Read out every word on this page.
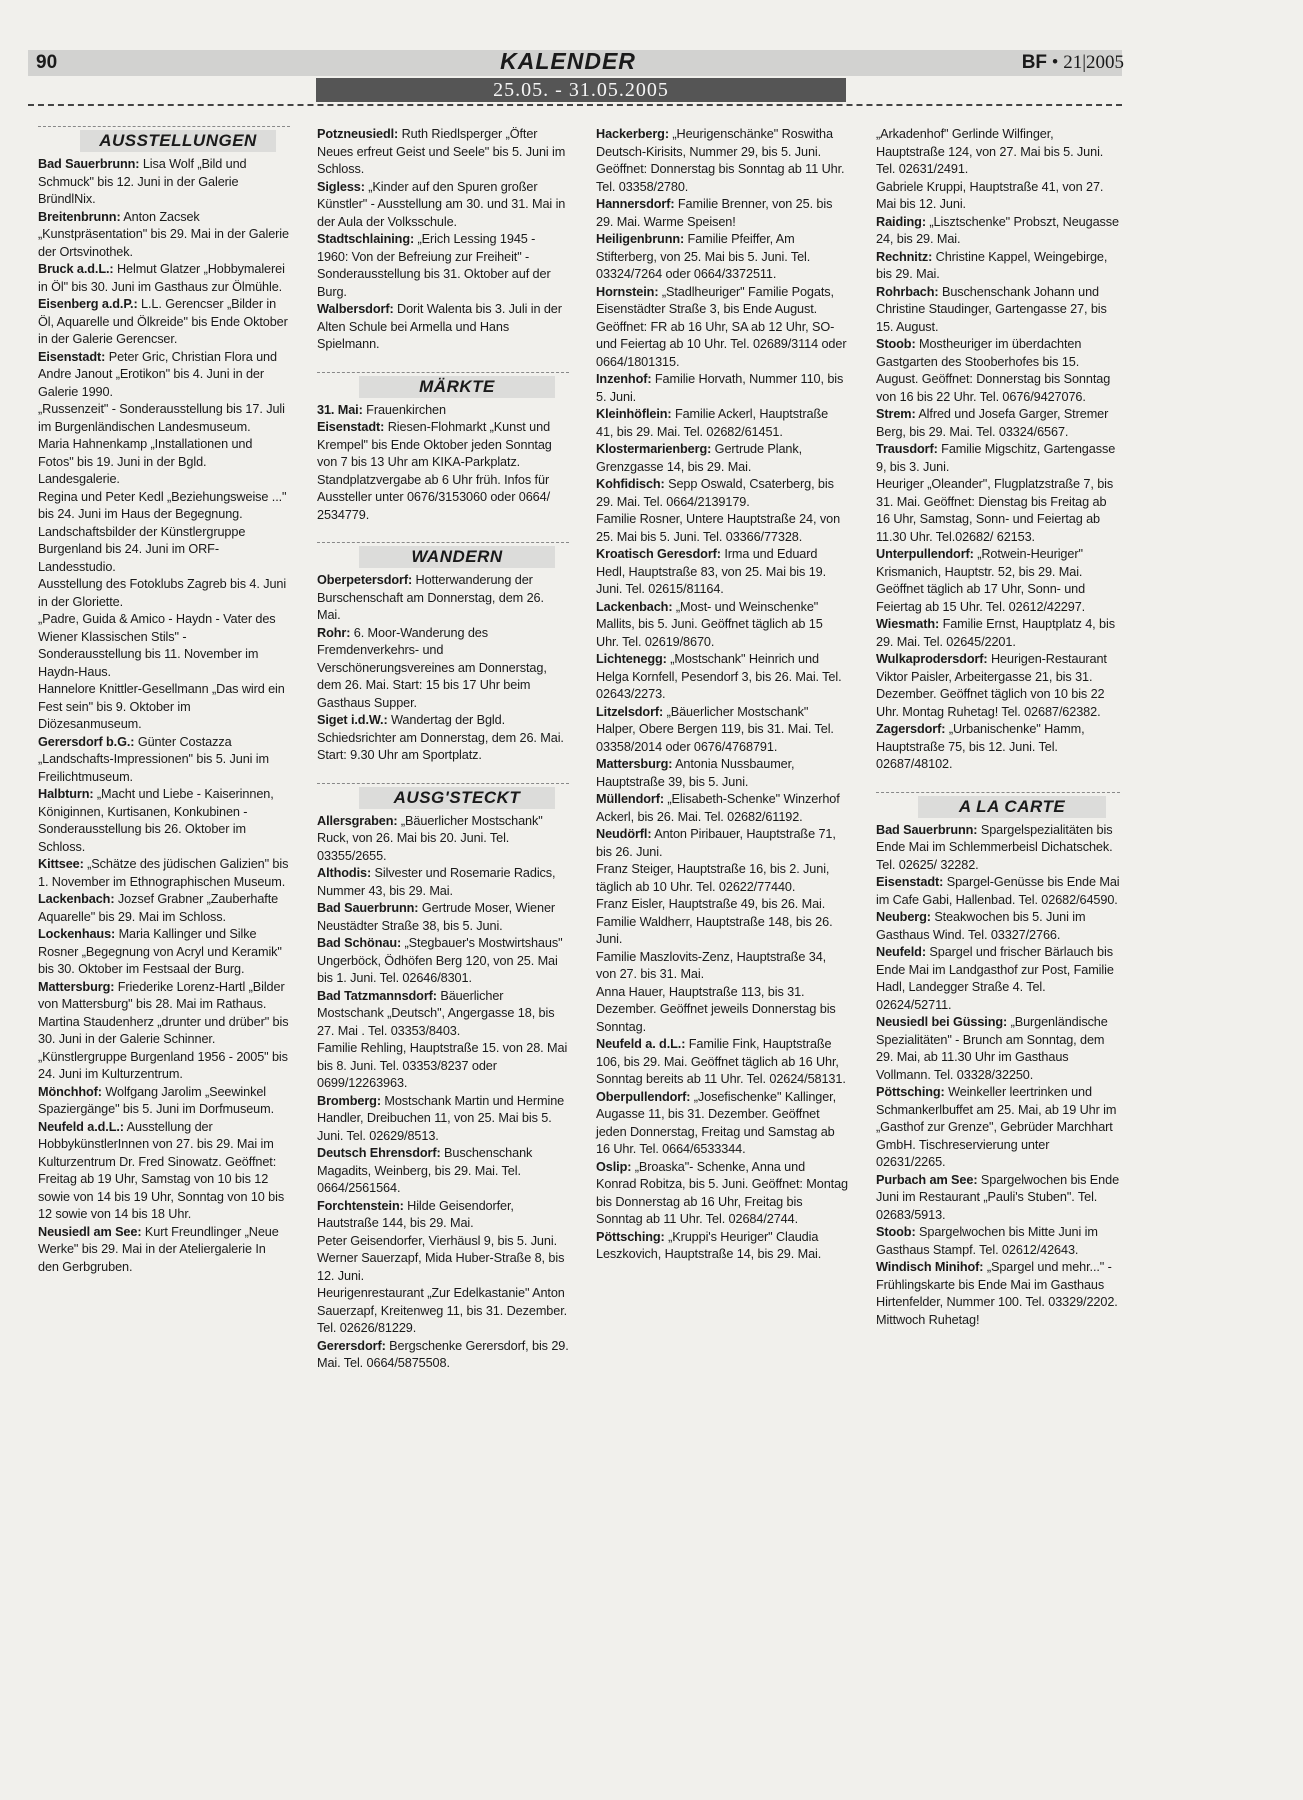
90	KALENDER	BF • 21|2005
25.05. - 31.05.2005
AUSSTELLUNGEN

Bad Sauerbrunn: Lisa Wolf „Bild und Schmuck" bis 12. Juni in der Galerie BründlNix.

Breitenbrunn: Anton Zacsek „Kunstpräsentation" bis 29. Mai in der Galerie der Ortsvinothek.

Bruck a.d.L.: Helmut Glatzer „Hobbymalerei in Öl" bis 30. Juni im Gasthaus zur Ölmühle.

Eisenberg a.d.P.: L.L. Gerencser „Bilder in Öl, Aquarelle und Ölkreide" bis Ende Oktober in der Galerie Gerencser.

Eisenstadt: Peter Gric, Christian Flora und Andre Janout „Erotikon" bis 4. Juni in der Galerie 1990.

„Russenzeit" - Sonderausstellung bis 17. Juli im Burgenländischen Landesmuseum.

Maria Hahnenkamp „Installationen und Fotos" bis 19. Juni in der Bgld. Landesgalerie.

Regina und Peter Kedl „Beziehungsweise ..." bis 24. Juni im Haus der Begegnung.

Landschaftsbilder der Künstlergruppe Burgenland bis 24. Juni im ORF-Landesstudio.

Ausstellung des Fotoklubs Zagreb bis 4. Juni in der Gloriette.

„Padre, Guida & Amico - Haydn - Vater des Wiener Klassischen Stils" - Sonderausstellung bis 11. November im Haydn-Haus.

Hannelore Knittler-Gesellmann „Das wird ein Fest sein" bis 9. Oktober im Diözesanmuseum.

Gerersdorf b.G.: Günter Costazza „Landschafts-Impressionen" bis 5. Juni im Freilichtmuseum.

Halbturn: „Macht und Liebe - Kaiserinnen, Königinnen, Kurtisanen, Konkubinen - Sonderausstellung bis 26. Oktober im Schloss.

Kittsee: „Schätze des jüdischen Galizien" bis 1. November im Ethnographischen Museum.

Lackenbach: Jozsef Grabner „Zauberhafte Aquarelle" bis 29. Mai im Schloss.

Lockenhaus: Maria Kallinger und Silke Rosner „Begegnung von Acryl und Keramik" bis 30. Oktober im Festsaal der Burg.

Mattersburg: Friederike Lorenz-Hartl „Bilder von Mattersburg" bis 28. Mai im Rathaus.

Martina Staudenherz „drunter und drüber" bis 30. Juni in der Galerie Schinner.

„Künstlergruppe Burgenland 1956 - 2005" bis 24. Juni im Kulturzentrum.

Mönchhof: Wolfgang Jarolim „Seewinkel Spaziergänge" bis 5. Juni im Dorfmuseum.

Neufeld a.d.L.: Ausstellung der HobbykünstlerInnen von 27. bis 29. Mai im Kulturzentrum Dr. Fred Sinowatz. Geöffnet: Freitag ab 19 Uhr, Samstag von 10 bis 12 sowie von 14 bis 19 Uhr, Sonntag von 10 bis 12 sowie von 14 bis 18 Uhr.

Neusiedl am See: Kurt Freundlinger „Neue Werke" bis 29. Mai in der Ateliergalerie In den Gerbgruben.

Potzneusiedl: Ruth Riedlsperger „Öfter Neues erfreut Geist und Seele" bis 5. Juni im Schloss.

Sigless: „Kinder auf den Spuren großer Künstler" - Ausstellung am 30. und 31. Mai in der Aula der Volksschule.

Stadtschlaining: „Erich Lessing 1945 - 1960: Von der Befreiung zur Freiheit" - Sonderausstellung bis 31. Oktober auf der Burg.

Walbersdorf: Dorit Walenta bis 3. Juli in der Alten Schule bei Armella und Hans Spielmann.

MÄRKTE

31. Mai: Frauenkirchen

Eisenstadt: Riesen-Flohmarkt „Kunst und Krempel" bis Ende Oktober jeden Sonntag von 7 bis 13 Uhr am KIKA-Parkplatz. Standplatzvergabe ab 6 Uhr früh. Infos für Aussteller unter 0676/3153060 oder 0664/ 2534779.

WANDERN

Oberpetersdorf: Hotterwanderung der Burschenschaft am Donnerstag, dem 26. Mai.

Rohr: 6. Moor-Wanderung des Fremdenverkehrs- und Verschönerungsvereines am Donnerstag, dem 26. Mai. Start: 15 bis 17 Uhr beim Gasthaus Supper.

Siget i.d.W.: Wandertag der Bgld. Schiedsrichter am Donnerstag, dem 26. Mai. Start: 9.30 Uhr am Sportplatz.

AUSG'STECKT

Allersgraben: „Bäuerlicher Mostschank" Ruck, von 26. Mai bis 20. Juni. Tel. 03355/2655.

Althodis: Silvester und Rosemarie Radics, Nummer 43, bis 29. Mai.

Bad Sauerbrunn: Gertrude Moser, Wiener Neustädter Straße 38, bis 5. Juni.

Bad Schönau: „Stegbauer's Mostwirtshaus" Ungerböck, Ödhöfen Berg 120, von 25. Mai bis 1. Juni. Tel. 02646/8301.

Bad Tatzmannsdorf: Bäuerlicher Mostschank „Deutsch", Angergasse 18, bis 27. Mai . Tel. 03353/8403.

Familie Rehling, Hauptstraße 15. von 28. Mai bis 8. Juni. Tel. 03353/8237 oder 0699/12263963.

Bromberg: Mostschank Martin und Hermine Handler, Dreibuchen 11, von 25. Mai bis 5. Juni. Tel. 02629/8513.

Deutsch Ehrensdorf: Buschenschank Magadits, Weinberg, bis 29. Mai. Tel. 0664/2561564.

Forchtenstein: Hilde Geisendorfer, Hautstraße 144, bis 29. Mai.

Peter Geisendorfer, Vierhäusl 9, bis 5. Juni.

Werner Sauerzapf, Mida Huber-Straße 8, bis 12. Juni.

Heurigenrestaurant „Zur Edelkastanie" Anton Sauerzapf, Kreitenweg 11, bis 31. Dezember. Tel. 02626/81229.

Gerersdorf: Bergschenke Gerersdorf, bis 29. Mai. Tel. 0664/5875508.

Hackerberg: „Heurigenschänke" Roswitha Deutsch-Kirisits, Nummer 29, bis 5. Juni. Geöffnet: Donnerstag bis Sonntag ab 11 Uhr. Tel. 03358/2780.

Hannersdorf: Familie Brenner, von 25. bis 29. Mai. Warme Speisen!

Heiligenbrunn: Familie Pfeiffer, Am Stifterberg, von 25. Mai bis 5. Juni. Tel. 03324/7264 oder 0664/3372511.

Hornstein: „Stadlheuriger" Familie Pogats, Eisenstädter Straße 3, bis Ende August. Geöffnet: FR ab 16 Uhr, SA ab 12 Uhr, SO- und Feiertag ab 10 Uhr. Tel. 02689/3114 oder 0664/1801315.

Inzenhof: Familie Horvath, Nummer 110, bis 5. Juni.

Kleinhöflein: Familie Ackerl, Hauptstraße 41, bis 29. Mai. Tel. 02682/61451.

Klostermarienberg: Gertrude Plank, Grenzgasse 14, bis 29. Mai.

Kohfidisch: Sepp Oswald, Csaterberg, bis 29. Mai. Tel. 0664/2139179.

Familie Rosner, Untere Hauptstraße 24, von 25. Mai bis 5. Juni. Tel. 03366/77328.

Kroatisch Geresdorf: Irma und Eduard Hedl, Hauptstraße 83, von 25. Mai bis 19. Juni. Tel. 02615/81164.

Lackenbach: „Most- und Weinschenke" Mallits, bis 5. Juni. Geöffnet täglich ab 15 Uhr. Tel. 02619/8670.

Lichtenegg: „Mostschank" Heinrich und Helga Kornfell, Pesendorf 3, bis 26. Mai. Tel. 02643/2273.

Litzelsdorf: „Bäuerlicher Mostschank" Halper, Obere Bergen 119, bis 31. Mai. Tel. 03358/2014 oder 0676/4768791.

Mattersburg: Antonia Nussbaumer, Hauptstraße 39, bis 5. Juni.

Müllendorf: „Elisabeth-Schenke" Winzerhof Ackerl, bis 26. Mai. Tel. 02682/61192.

Neudörfl: Anton Piribauer, Hauptstraße 71, bis 26. Juni.

Franz Steiger, Hauptstraße 16, bis 2. Juni, täglich ab 10 Uhr. Tel. 02622/77440.

Franz Eisler, Hauptstraße 49, bis 26. Mai.

Familie Waldherr, Hauptstraße 148, bis 26. Juni.

Familie Maszlovits-Zenz, Hauptstraße 34, von 27. bis 31. Mai.

Anna Hauer, Hauptstraße 113, bis 31. Dezember. Geöffnet jeweils Donnerstag bis Sonntag.

Neufeld a. d.L.: Familie Fink, Hauptstraße 106, bis 29. Mai. Geöffnet täglich ab 16 Uhr, Sonntag bereits ab 11 Uhr. Tel. 02624/58131.

Oberpullendorf: „Josefischenke" Kallinger, Augasse 11, bis 31. Dezember. Geöffnet jeden Donnerstag, Freitag und Samstag ab 16 Uhr. Tel. 0664/6533344.

Oslip: „Broaska"- Schenke, Anna und Konrad Robitza, bis 5. Juni. Geöffnet: Montag bis Donnerstag ab 16 Uhr, Freitag bis Sonntag ab 11 Uhr. Tel. 02684/2744.

Pöttsching: „Kruppi's Heuriger" Claudia Leszkovich, Hauptstraße 14, bis 29. Mai.

„Arkadenhof" Gerlinde Wilfinger, Hauptstraße 124, von 27. Mai bis 5. Juni. Tel. 02631/2491.

Gabriele Kruppi, Hauptstraße 41, von 27. Mai bis 12. Juni.

Raiding: „Lisztschenke" Probszt, Neugasse 24, bis 29. Mai.

Rechnitz: Christine Kappel, Weingebirge, bis 29. Mai.

Rohrbach: Buschenschank Johann und Christine Staudinger, Gartengasse 27, bis 15. August.

Stoob: Mostheuriger im überdachten Gastgarten des Stooberhofes bis 15. August. Geöffnet: Donnerstag bis Sonntag von 16 bis 22 Uhr. Tel. 0676/9427076.

Strem: Alfred und Josefa Garger, Stremer Berg, bis 29. Mai. Tel. 03324/6567.

Trausdorf: Familie Migschitz, Gartengasse 9, bis 3. Juni.

Heuriger „Oleander", Flugplatzstraße 7, bis 31. Mai. Geöffnet: Dienstag bis Freitag ab 16 Uhr, Samstag, Sonn- und Feiertag ab 11.30 Uhr. Tel.02682/ 62153.

Unterpullendorf: „Rotwein-Heuriger" Krismanich, Hauptstr. 52, bis 29. Mai. Geöffnet täglich ab 17 Uhr, Sonn- und Feiertag ab 15 Uhr. Tel. 02612/42297.

Wiesmath: Familie Ernst, Hauptplatz 4, bis 29. Mai. Tel. 02645/2201.

Wulkaprodersdorf: Heurigen-Restaurant Viktor Paisler, Arbeitergasse 21, bis 31. Dezember. Geöffnet täglich von 10 bis 22 Uhr. Montag Ruhetag! Tel. 02687/62382.

Zagersdorf: „Urbanischenke" Hamm, Hauptstraße 75, bis 12. Juni. Tel. 02687/48102.

A LA CARTE

Bad Sauerbrunn: Spargelspezialitäten bis Ende Mai im Schlemmerbeisl Dichatschek. Tel. 02625/ 32282.

Eisenstadt: Spargel-Genüsse bis Ende Mai im Cafe Gabi, Hallenbad. Tel. 02682/64590.

Neuberg: Steakwochen bis 5. Juni im Gasthaus Wind. Tel. 03327/2766.

Neufeld: Spargel und frischer Bärlauch bis Ende Mai im Landgasthof zur Post, Familie Hadl, Landegger Straße 4. Tel. 02624/52711.

Neusiedl bei Güssing: „Burgenländische Spezialitäten" - Brunch am Sonntag, dem 29. Mai, ab 11.30 Uhr im Gasthaus Vollmann. Tel. 03328/32250.

Pöttsching: Weinkeller leertrinken und Schmankerlbuffet am 25. Mai, ab 19 Uhr im „Gasthof zur Grenze", Gebrüder Marchhart GmbH. Tischreservierung unter 02631/2265.

Purbach am See: Spargelwochen bis Ende Juni im Restaurant „Pauli's Stuben". Tel. 02683/5913.

Stoob: Spargelwochen bis Mitte Juni im Gasthaus Stampf. Tel. 02612/42643.

Windisch Minihof: „Spargel und mehr..." - Frühlingskarte bis Ende Mai im Gasthaus Hirtenfelder, Nummer 100. Tel. 03329/2202. Mittwoch Ruhetag!
